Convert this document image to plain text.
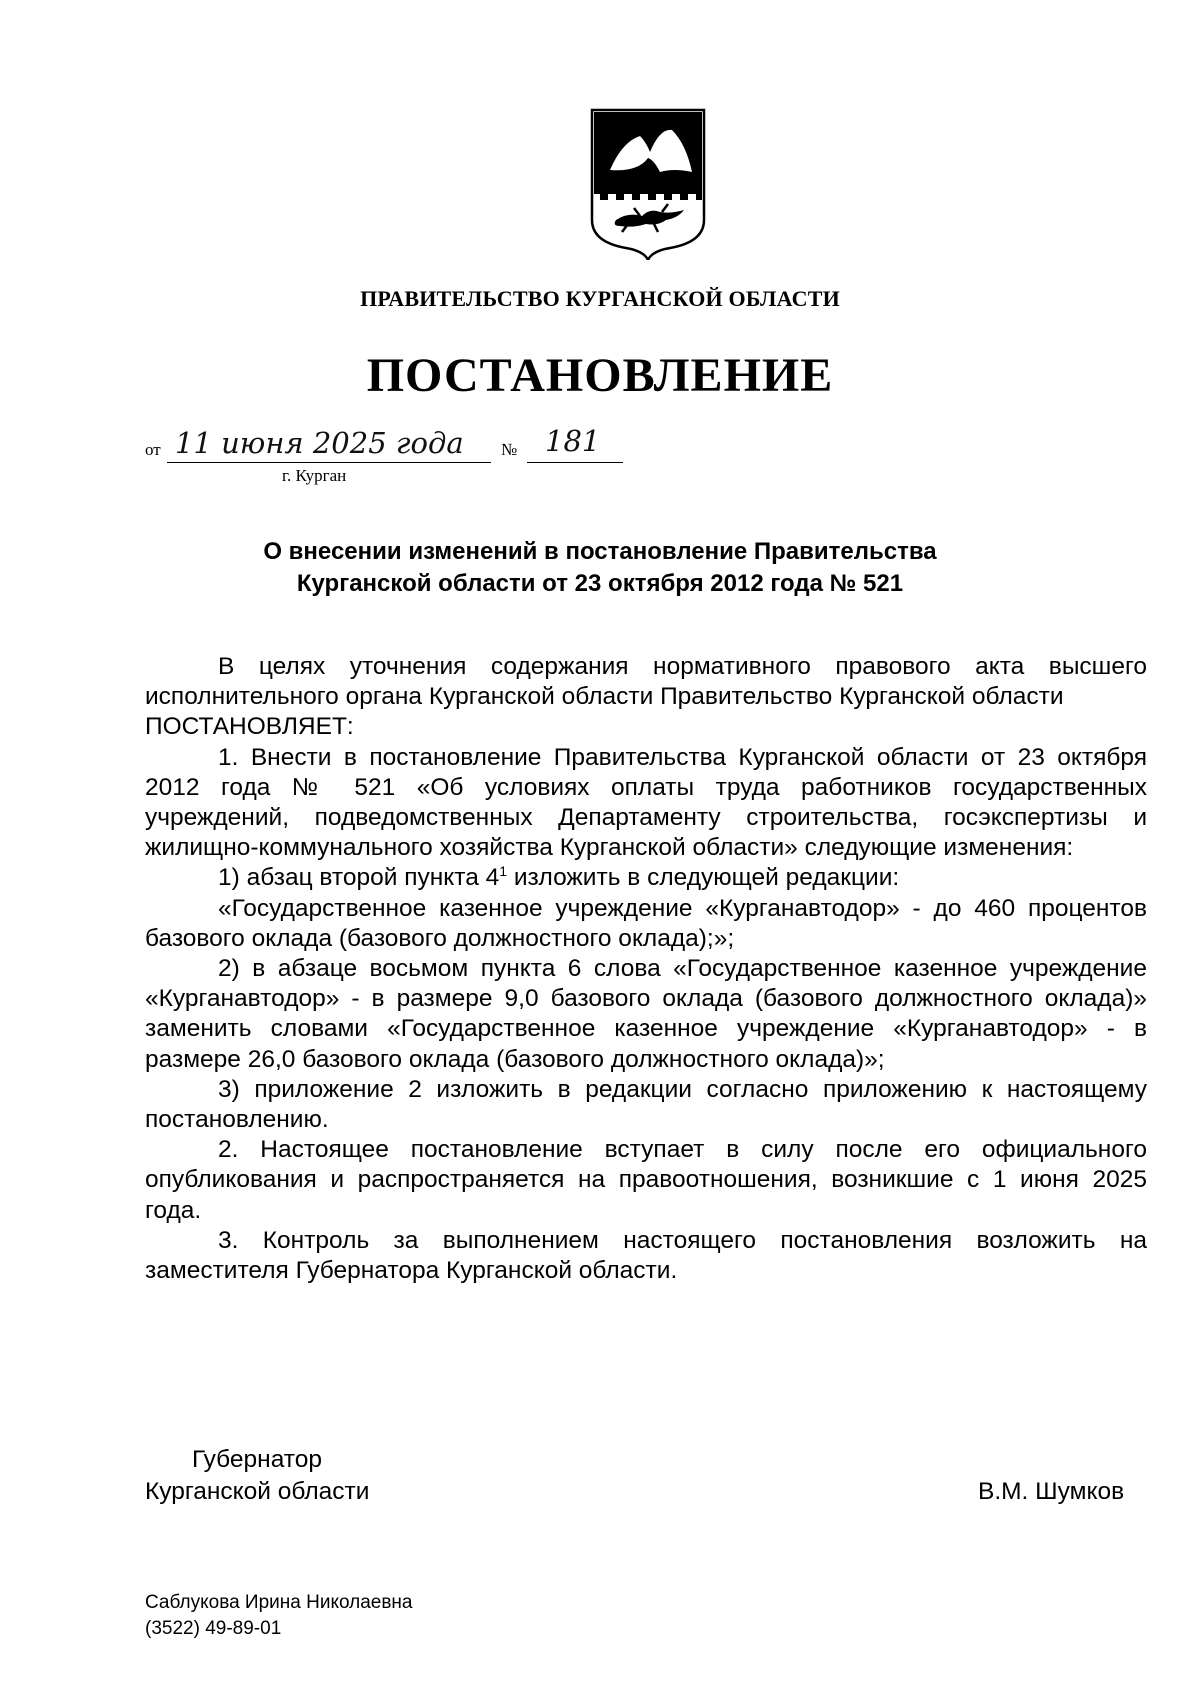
ПРАВИТЕЛЬСТВО КУРГАНСКОЙ ОБЛАСТИ
ПОСТАНОВЛЕНИЕ
от 11 июня 2025 года № 181
г. Курган
О внесении изменений в постановление Правительства
Курганской области от 23 октября 2012 года № 521

В целях уточнения содержания нормативного правового акта высшего исполнительного органа Курганской области Правительство Курганской области
ПОСТАНОВЛЯЕТ:

1. Внести в постановление Правительства Курганской области от 23 октября 2012 года № 521 «Об условиях оплаты труда работников государственных учреждений, подведомственных Департаменту строительства, госэкспертизы и жилищно-коммунального хозяйства Курганской области» следующие изменения:

1) абзац второй пункта $4^1$ изложить в следующей редакции:

«Государственное казенное учреждение «Курганавтодор» - до 460 процентов базового оклада (базового должностного оклада);»;

2) в абзаце восьмом пункта 6 слова «Государственное казенное учреждение «Курганавтодор» - в размере 9,0 базового оклада (базового должностного оклада)» заменить словами «Государственное казенное учреждение «Курганавтодор» - в размере 26,0 базового оклада (базового должностного оклада)»;

3) приложение 2 изложить в редакции согласно приложению к настоящему постановлению.

2. Настоящее постановление вступает в силу после его официального опубликования и распространяется на правоотношения, возникшие с 1 июня 2025 года.

3. Контроль за выполнением настоящего постановления возложить на заместителя Губернатора Курганской области.

Губернатор
Курганской области	В.М. Шумков
Саблукова Ирина Николаевна
(3522) 49-89-01
